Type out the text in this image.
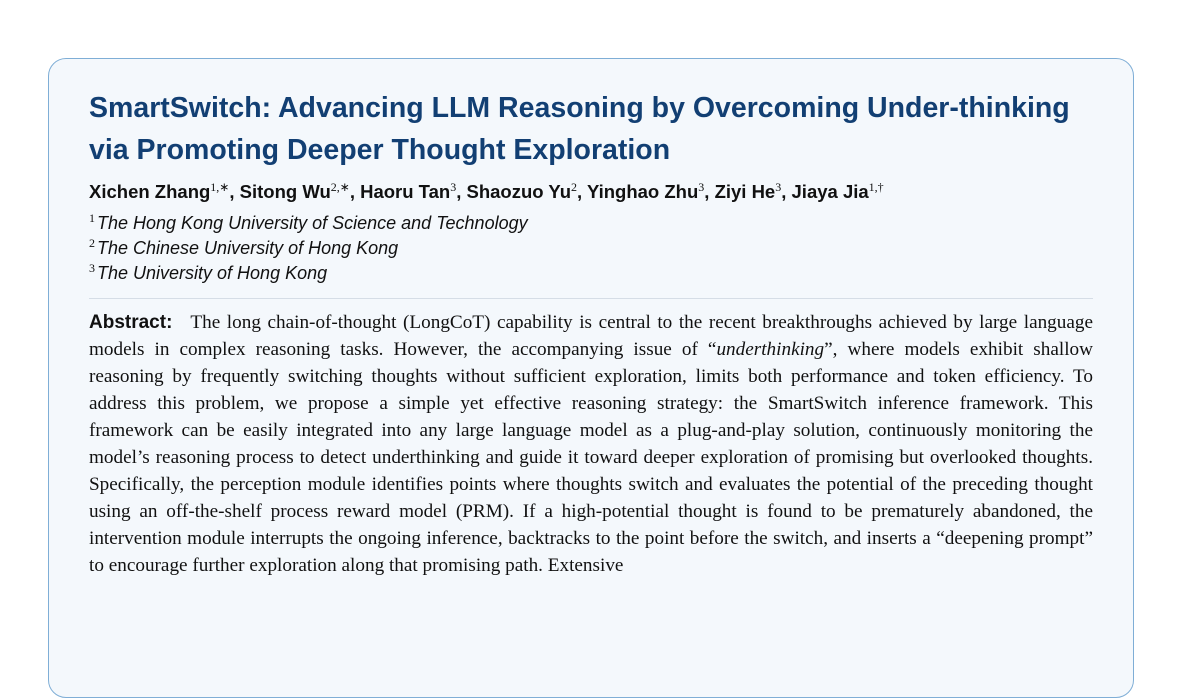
SmartSwitch: Advancing LLM Reasoning by Overcoming Under-thinking via Promoting Deeper Thought Exploration
Xichen Zhang$^{1,∗}$, Sitong $Wu^{2,∗}$, Haoru Tan$^3$, Shaozuo Yu$^2$, Yinghao Zhu$^3$, Ziyi He$^3$, Jiaya Jia$^{1,\dagger}$
$^1$ The Hong Kong University of Science and Technology
$^2$ The Chinese University of Hong Kong
$^3$ The University of Hong Kong
Abstract: The long chain-of-thought (LongCoT) capability is central to the recent breakthroughs achieved by large language models in complex reasoning tasks. However, the accompanying issue of “underthinking”, where models exhibit shallow reasoning by frequently switching thoughts without sufficient exploration, limits both performance and token efficiency. To address this problem, we propose a simple yet effective reasoning strategy: the SmartSwitch inference framework. This framework can be easily integrated into any large language model as a plug-and-play solution, continuously monitoring the model’s reasoning process to detect underthinking and guide it toward deeper exploration of promising but overlooked thoughts. Specifically, the perception module identifies points where thoughts switch and evaluates the potential of the preceding thought using an off-the-shelf process reward model (PRM). If a high-potential thought is found to be prematurely abandoned, the intervention module interrupts the ongoing inference, backtracks to the point before the switch, and inserts a “deepening prompt” to encourage further exploration along that promising path. Extensive
